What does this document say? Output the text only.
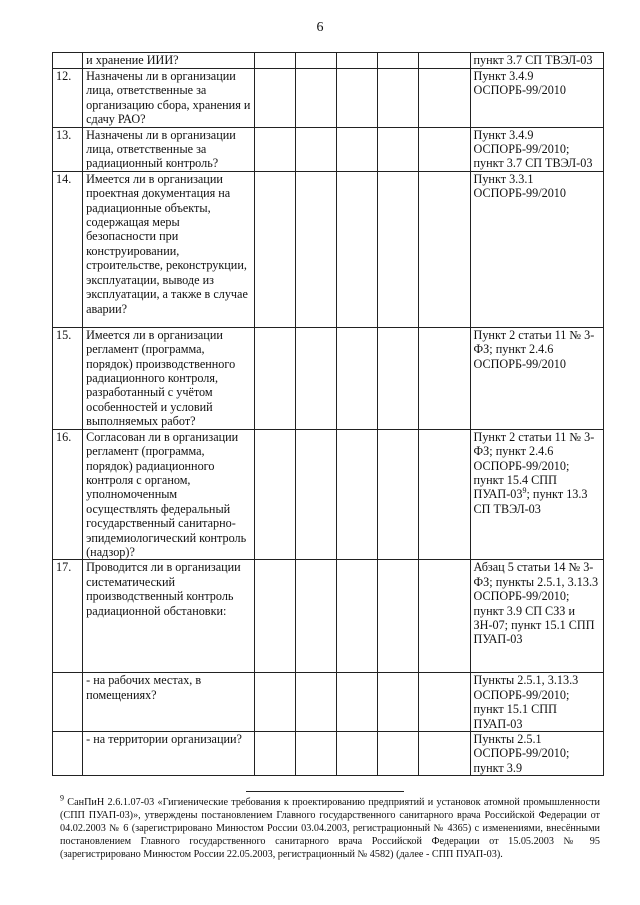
6
	и хранение ИИИ?						пункт 3.7 СП ТВЭЛ-03
12.	Назначены ли в организации лица, ответственные за организацию сбора, хранения и сдачу РАО?						Пункт 3.4.9 ОСПОРБ-99/2010
13.	Назначены ли в организации лица, ответственные за радиационный контроль?						Пункт 3.4.9 ОСПОРБ-99/2010; пункт 3.7 СП ТВЭЛ-03
14.	Имеется ли в организации проектная документация на радиационные объекты, содержащая меры безопасности при конструировании, строительстве, реконструкции, эксплуатации, выводе из эксплуатации, а также в случае аварии?						Пункт 3.3.1 ОСПОРБ-99/2010
15.	Имеется ли в организации регламент (программа, порядок) производственного радиационного контроля, разработанный с учётом особенностей и условий выполняемых работ?						Пункт 2 статьи 11 № 3-ФЗ; пункт 2.4.6 ОСПОРБ-99/2010
16.	Согласован ли в организации регламент (программа, порядок) радиационного контроля с органом, уполномоченным осуществлять федеральный государственный санитарно-эпидемиологический контроль (надзор)?						Пункт 2 статьи 11 № 3-ФЗ; пункт 2.4.6 ОСПОРБ-99/2010; пункт 15.4 СПП ПУАП-$03^9$; пункт 13.3 СП ТВЭЛ-03
17.	Проводится ли в организации систематический производственный контроль радиационной обстановки:						Абзац 5 статьи 14 № 3-ФЗ; пункты 2.5.1, 3.13.3 ОСПОРБ-99/2010; пункт 3.9 СП СЗЗ и ЗН-07; пункт 15.1 СПП ПУАП-03
	- на рабочих местах, в помещениях?						Пункты 2.5.1, 3.13.3 ОСПОРБ-99/2010; пункт 15.1 СПП ПУАП-03
	- на территории организации?						Пункты 2.5.1 ОСПОРБ-99/2010; пункт 3.9
$^9$ СанПиН 2.6.1.07-03 «Гигиенические требования к проектированию предприятий и установок атомной промышленности (СПП ПУАП-03)», утверждены постановлением Главного государственного санитарного врача Российской Федерации от 04.02.2003 № 6 (зарегистрировано Минюстом России 03.04.2003, регистрационный № 4365) с изменениями, внесёнными постановлением Главного государственного санитарного врача Российской Федерации от 15.05.2003 № 95 (зарегистрировано Минюстом России 22.05.2003, регистрационный № 4582) (далее - СПП ПУАП-03).
